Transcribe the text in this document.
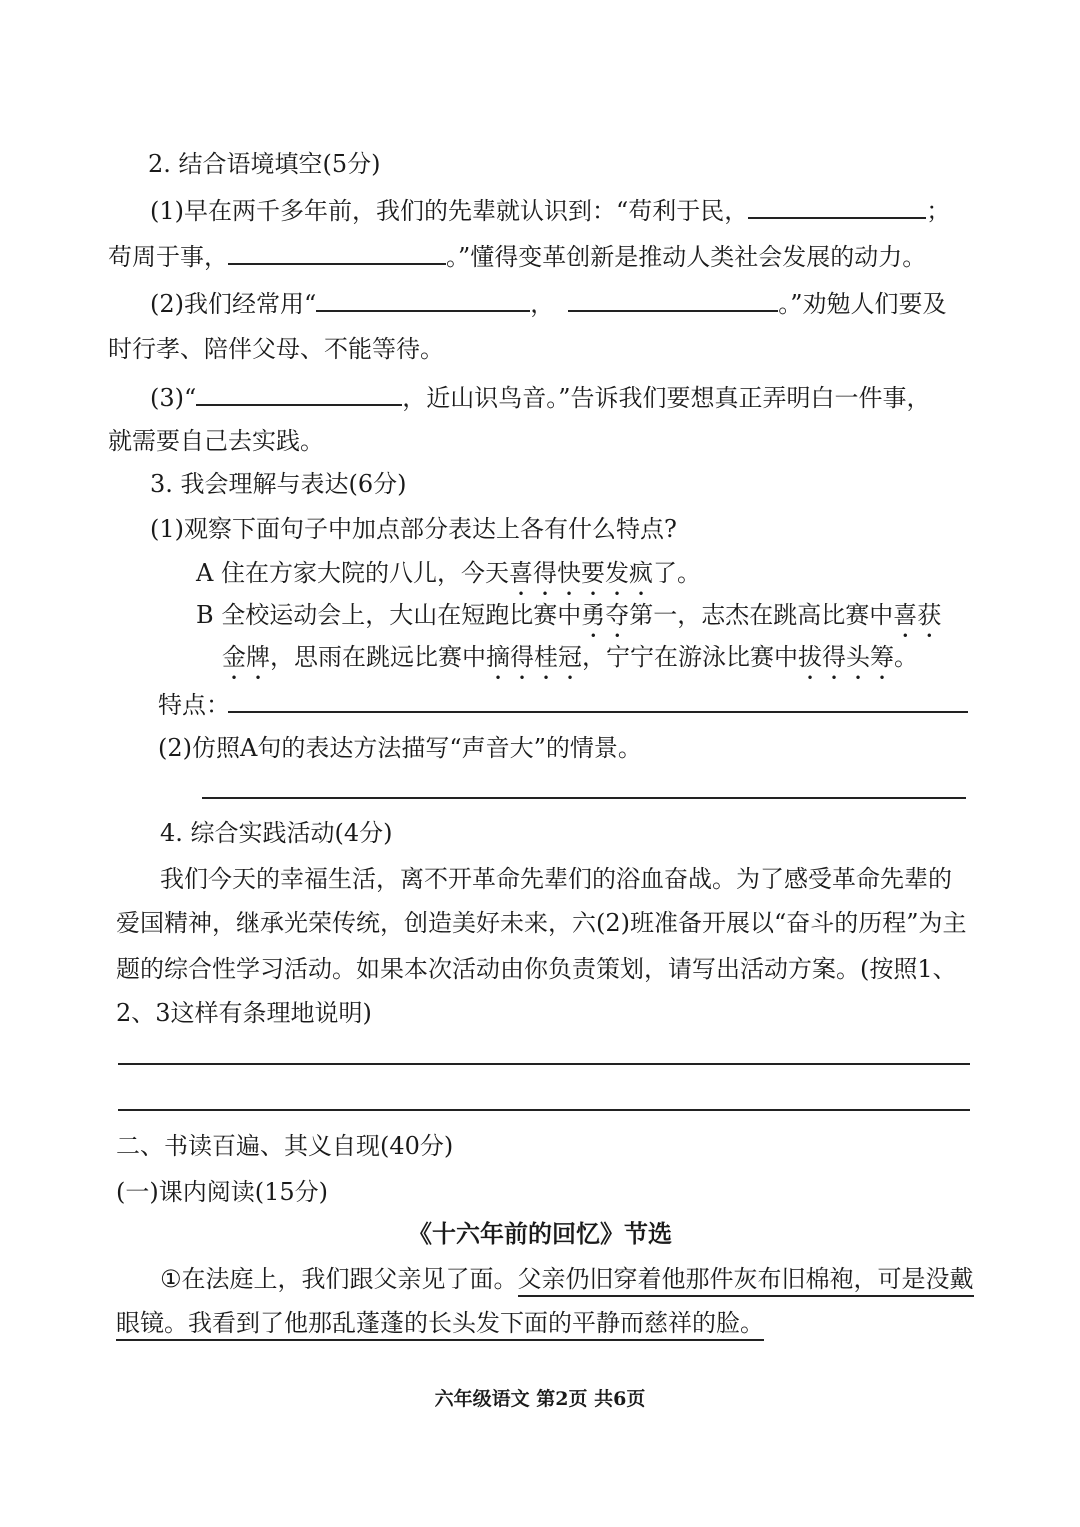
2. 结合语境填空(5分)
(1)早在两千多年前，我们的先辈就认识到：“苟利于民，	；
苟周于事，	。”懂得变革创新是推动人类社会发展的动力。
(2)我们经常用“	，	。”劝勉人们要及
时行孝、陪伴父母、不能等待。
(3)“	，近山识鸟音。”告诉我们要想真正弄明白一件事，
就需要自己去实践。
3. 我会理解与表达(6分)
(1)观察下面句子中加点部分表达上各有什么特点?
A 住在方家大院的八儿，今天喜得快要发疯了。
B 全校运动会上，大山在短跑比赛中勇夺第一，志杰在跳高比赛中喜获
金牌，思雨在跳远比赛中摘得桂冠，宁宁在游泳比赛中拔得头筹。
特点：
(2)仿照A句的表达方法描写“声音大”的情景。
4. 综合实践活动(4分)
我们今天的幸福生活，离不开革命先辈们的浴血奋战。为了感受革命先辈的
爱国精神，继承光荣传统，创造美好未来，六(2)班准备开展以“奋斗的历程”为主
题的综合性学习活动。如果本次活动由你负责策划，请写出活动方案。(按照1、
2、3这样有条理地说明)
二、书读百遍、其义自现(40分)
(一)课内阅读(15分)
《十六年前的回忆》节选
①在法庭上，我们跟父亲见了面。父亲仍旧穿着他那件灰布旧棉袍，可是没戴
眼镜。我看到了他那乱蓬蓬的长头发下面的平静而慈祥的脸。
六年级语文 第2页 共6页
